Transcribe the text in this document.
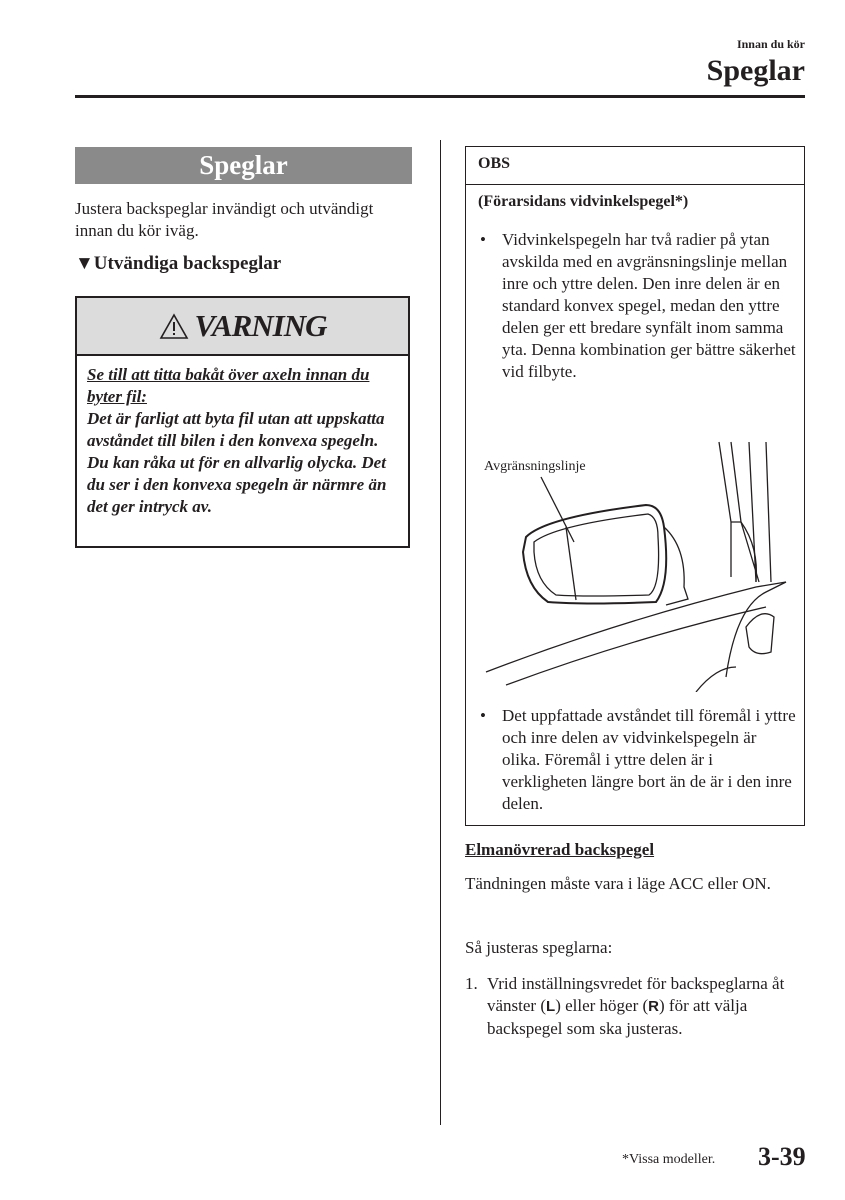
Innan du kör
Speglar
Speglar
Justera backspeglar invändigt och utvändigt innan du kör iväg.
▼Utvändiga backspeglar
VARNING
Se till att titta bakåt över axeln innan du byter fil:
Det är farligt att byta fil utan att uppskatta avståndet till bilen i den konvexa spegeln. Du kan råka ut för en allvarlig olycka. Det du ser i den konvexa spegeln är närmre än det ger intryck av.
OBS
(Förarsidans vidvinkelspegel*)
• Vidvinkelspegeln har två radier på ytan avskilda med en avgränsningslinje mellan inre och yttre delen. Den inre delen är en standard konvex spegel, medan den yttre delen ger ett bredare synfält inom samma yta. Denna kombination ger bättre säkerhet vid filbyte.
Avgränsningslinje
• Det uppfattade avståndet till föremål i yttre och inre delen av vidvinkelspegeln är olika. Föremål i yttre delen är i verkligheten längre bort än de är i den inre delen.
Elmanövrerad backspegel
Tändningen måste vara i läge ACC eller ON.
Så justeras speglarna:
1. Vrid inställningsvredet för backspeglarna åt vänster (L) eller höger (R) för att välja backspegel som ska justeras.
*Vissa modeller. 3-39
